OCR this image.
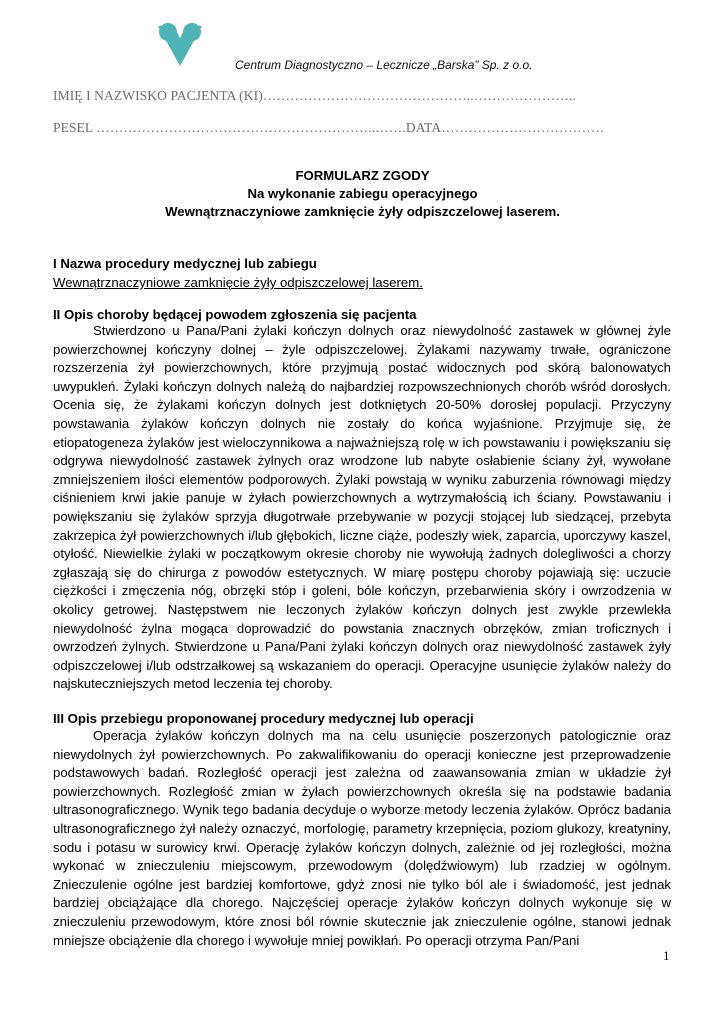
Centrum Diagnostyczno – Lecznicze „Barska” Sp. z o.o.
IMIĘ I NAZWISKO PACJENTA (KI)………………………………………..…………………..
PESEL ……………………………………………………..…….DATA………………………………
FORMULARZ ZGODY
Na wykonanie zabiegu operacyjnego
Wewnątrznaczyniowe zamknięcie żyły odpiszczelowej laserem.
I Nazwa procedury medycznej lub zabiegu
Wewnątrznaczyniowe zamknięcie żyły odpiszczelowej laserem.
II Opis choroby będącej powodem zgłoszenia się pacjenta
Stwierdzono u Pana/Pani żylaki kończyn dolnych oraz niewydolność zastawek w głównej żyle powierzchownej kończyny dolnej – żyle odpiszczelowej. Żylakami nazywamy trwałe, ograniczone rozszerzenia żył powierzchownych, które przyjmują postać widocznych pod skórą balonowatych uwypukleń. Żylaki kończyn dolnych należą do najbardziej rozpowszechnionych chorób wśród dorosłych. Ocenia się, że żylakami kończyn dolnych jest dotkniętych 20-50% dorosłej populacji. Przyczyny powstawania żylaków kończyn dolnych nie zostały do końca wyjaśnione. Przyjmuje się, że etiopatogeneza żylaków jest wieloczynnikowa a najważniejszą rolę w ich powstawaniu i powiększaniu się odgrywa niewydolność zastawek żylnych oraz wrodzone lub nabyte osłabienie ściany żył, wywołane zmniejszeniem ilości elementów podporowych. Żylaki powstają w wyniku zaburzenia równowagi między ciśnieniem krwi jakie panuje w żyłach powierzchownych a wytrzymałością ich ściany. Powstawaniu i powiększaniu się żylaków sprzyja długotrwałe przebywanie w pozycji stojącej lub siedzącej, przebyta zakrzepica żył powierzchownych i/lub głębokich, liczne ciąże, podeszły wiek, zaparcia, uporczywy kaszel, otyłość. Niewielkie żylaki w początkowym okresie choroby nie wywołują żadnych dolegliwości a chorzy zgłaszają się do chirurga z powodów estetycznych. W miarę postępu choroby pojawiają się: uczucie ciężkości i zmęczenia nóg, obrzęki stóp i goleni, bóle kończyn, przebarwienia skóry i owrzodzenia w okolicy getrowej. Następstwem nie leczonych żylaków kończyn dolnych jest zwykle przewlekła niewydolność żylna mogąca doprowadzić do powstania znacznych obrzęków, zmian troficznych i owrzodzeń żylnych. Stwierdzone u Pana/Pani żylaki kończyn dolnych oraz niewydolność zastawek żyły odpiszczelowej i/lub odstrzałkowej są wskazaniem do operacji. Operacyjne usunięcie żylaków należy do najskuteczniejszych metod leczenia tej choroby.
III Opis przebiegu proponowanej procedury medycznej lub operacji
Operacja żylaków kończyn dolnych ma na celu usunięcie poszerzonych patologicznie oraz niewydolnych żył powierzchownych. Po zakwalifikowaniu do operacji konieczne jest przeprowadzenie podstawowych badań. Rozległość operacji jest zależna od zaawansowania zmian w układzie żył powierzchownych. Rozległość zmian w żyłach powierzchownych określa się na podstawie badania ultrasonograficznego. Wynik tego badania decyduje o wyborze metody leczenia żylaków. Oprócz badania ultrasonograficznego żył należy oznaczyć, morfologię, parametry krzepnięcia, poziom glukozy, kreatyniny, sodu i potasu w surowicy krwi. Operację żylaków kończyn dolnych, zależnie od jej rozległości, można wykonać w znieczuleniu miejscowym, przewodowym (dolędźwiowym) lub rzadziej w ogólnym. Znieczulenie ogólne jest bardziej komfortowe, gdyż znosi nie tylko ból ale i świadomość, jest jednak bardziej obciążające dla chorego. Najczęściej operacje żylaków kończyn dolnych wykonuje się w znieczuleniu przewodowym, które znosi ból równie skutecznie jak znieczulenie ogólne, stanowi jednak mniejsze obciążenie dla chorego i wywołuje mniej powikłań. Po operacji otrzyma Pan/Pani
1
